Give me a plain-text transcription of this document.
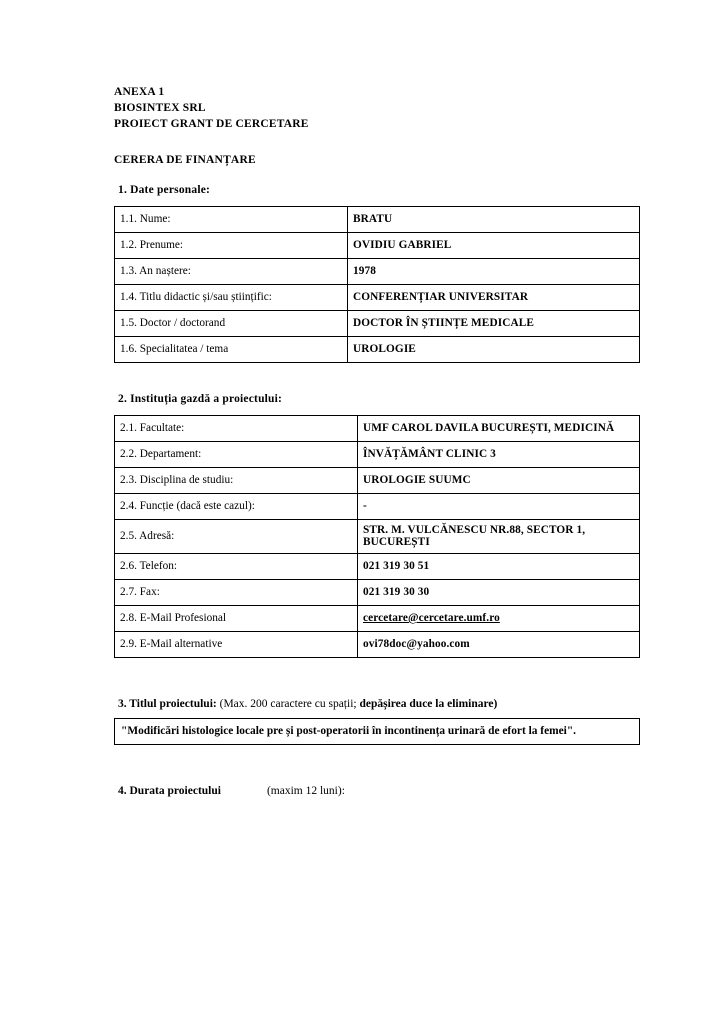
ANEXA 1
BIOSINTEX SRL
PROIECT GRANT DE CERCETARE
CERERA DE FINANȚARE
1. Date personale:
1.1. Nume:	BRATU
1.2. Prenume:	OVIDIU GABRIEL
1.3. An naștere:	1978
1.4. Titlu didactic și/sau științific:	CONFERENȚIAR UNIVERSITAR
1.5. Doctor / doctorand	DOCTOR ÎN ȘTIINȚE MEDICALE
1.6. Specialitatea / tema	UROLOGIE
2. Instituția gazdă a proiectului:
2.1. Facultate:	UMF CAROL DAVILA BUCUREȘTI, MEDICINĂ
2.2. Departament:	ÎNVĂȚĂMÂNT CLINIC 3
2.3. Disciplina de studiu:	UROLOGIE SUUMC
2.4. Funcție (dacă este cazul):	-
2.5. Adresă:	STR. M. VULCĂNESCU NR.88, SECTOR 1, BUCUREȘTI
2.6. Telefon:	021 319 30 51
2.7. Fax:	021 319 30 30
2.8. E-Mail Profesional	cercetare@cercetare.umf.ro
2.9. E-Mail alternative	ovi78doc@yahoo.com
3. Titlul proiectului: (Max. 200 caractere cu spații; depășirea duce la eliminare)
"Modificări histologice locale pre și post-operatorii în incontinența urinară de efort la femei".
4. Durata proiectului	(maxim 12 luni):
